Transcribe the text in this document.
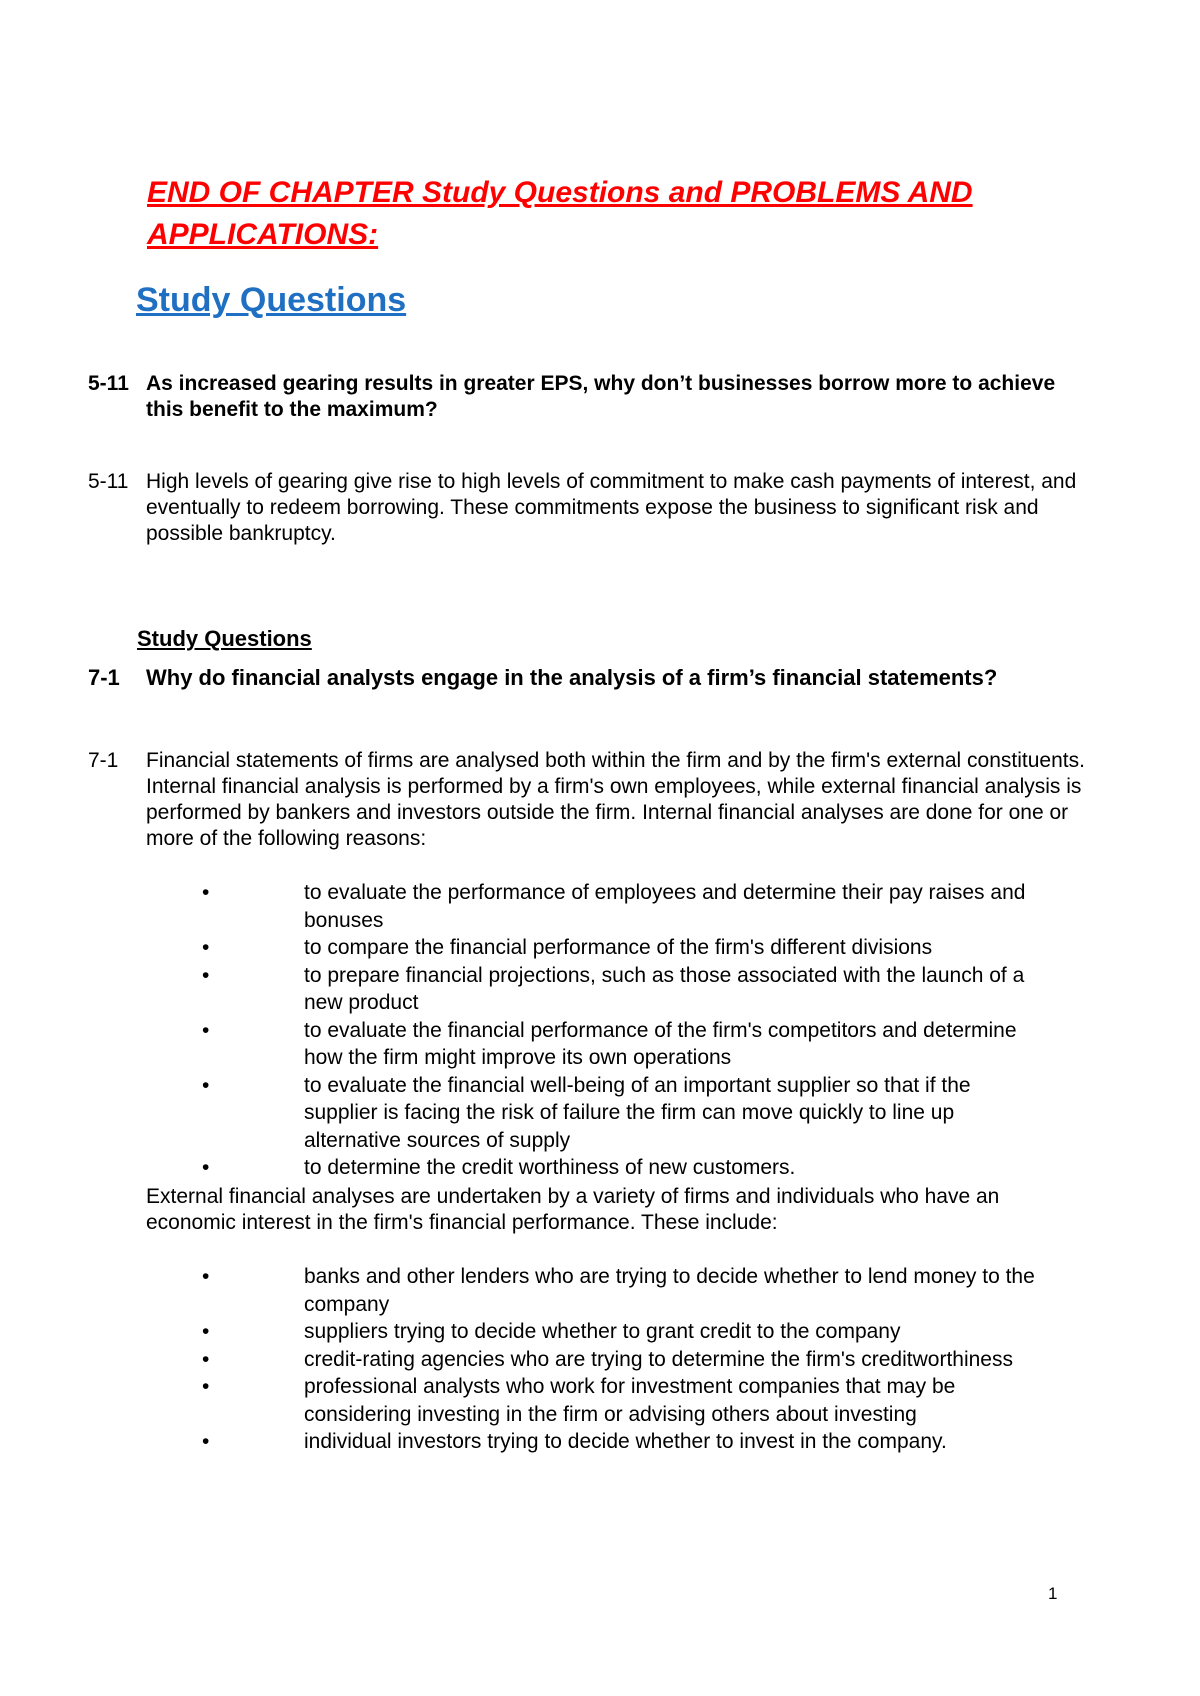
END OF CHAPTER Study Questions and PROBLEMS AND APPLICATIONS:
Study Questions
5-11 As increased gearing results in greater EPS, why don’t businesses borrow more to achieve this benefit to the maximum?
5-11 High levels of gearing give rise to high levels of commitment to make cash payments of interest, and eventually to redeem borrowing. These commitments expose the business to significant risk and possible bankruptcy.
Study Questions
7-1 Why do financial analysts engage in the analysis of a firm’s financial statements?
7-1 Financial statements of firms are analysed both within the firm and by the firm's external constituents. Internal financial analysis is performed by a firm's own employees, while external financial analysis is performed by bankers and investors outside the firm. Internal financial analyses are done for one or more of the following reasons:
•	to evaluate the performance of employees and determine their pay raises and bonuses
•	to compare the financial performance of the firm's different divisions
•	to prepare financial projections, such as those associated with the launch of a new product
•	to evaluate the financial performance of the firm's competitors and determine how the firm might improve its own operations
•	to evaluate the financial well-being of an important supplier so that if the supplier is facing the risk of failure the firm can move quickly to line up alternative sources of supply
•	to determine the credit worthiness of new customers.

External financial analyses are undertaken by a variety of firms and individuals who have an economic interest in the firm's financial performance. These include:

•	banks and other lenders who are trying to decide whether to lend money to the company
•	suppliers trying to decide whether to grant credit to the company
•	credit-rating agencies who are trying to determine the firm's creditworthiness
•	professional analysts who work for investment companies that may be considering investing in the firm or advising others about investing
•	individual investors trying to decide whether to invest in the company.
1
